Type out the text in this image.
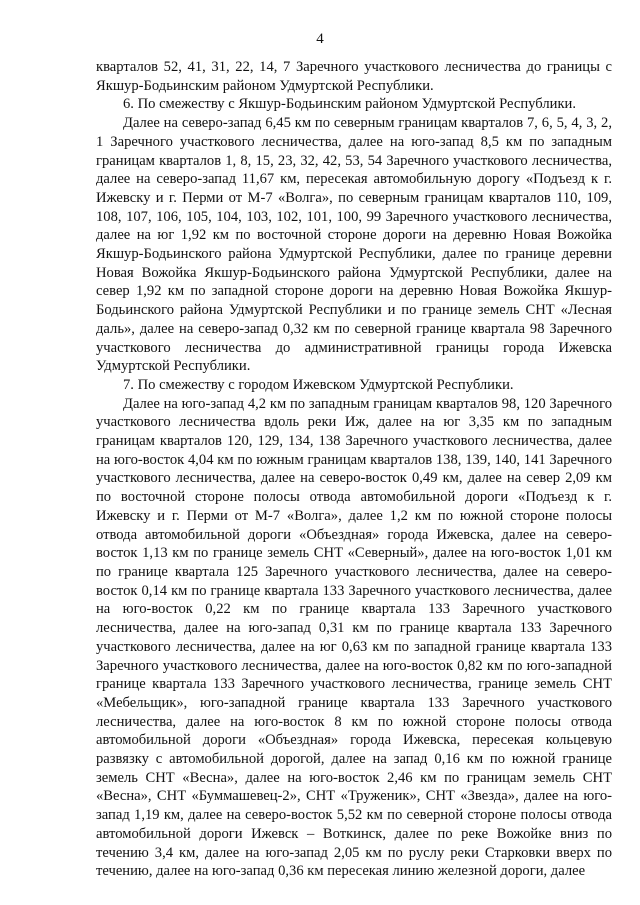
4

кварталов 52, 41, 31, 22, 14, 7 Заречного участкового лесничества до границы с Якшур-Бодьинским районом Удмуртской Республики.

6. По смежеству с Якшур-Бодьинским районом Удмуртской Республики.

Далее на северо-запад 6,45 км по северным границам кварталов 7, 6, 5, 4, 3, 2, 1 Заречного участкового лесничества, далее на юго-запад 8,5 км по западным границам кварталов 1, 8, 15, 23, 32, 42, 53, 54 Заречного участкового лесничества, далее на северо-запад 11,67 км, пересекая автомобильную дорогу «Подъезд к г. Ижевску и г. Перми от М-7 «Волга», по северным границам кварталов 110, 109, 108, 107, 106, 105, 104, 103, 102, 101, 100, 99 Заречного участкового лесничества, далее на юг 1,92 км по восточной стороне дороги на деревню Новая Вожойка Якшур-Бодьинского района Удмуртской Республики, далее по границе деревни Новая Вожойка Якшур-Бодьинского района Удмуртской Республики, далее на север 1,92 км по западной стороне дороги на деревню Новая Вожойка Якшур-Бодьинского района Удмуртской Республики и по границе земель СНТ «Лесная даль», далее на северо-запад 0,32 км по северной границе квартала 98 Заречного участкового лесничества до административной границы города Ижевска Удмуртской Республики.

7. По смежеству с городом Ижевском Удмуртской Республики.

Далее на юго-запад 4,2 км по западным границам кварталов 98, 120 Заречного участкового лесничества вдоль реки Иж, далее на юг 3,35 км по западным границам кварталов 120, 129, 134, 138 Заречного участкового лесничества, далее на юго-восток 4,04 км по южным границам кварталов 138, 139, 140, 141 Заречного участкового лесничества, далее на северо-восток 0,49 км, далее на север 2,09 км по восточной стороне полосы отвода автомобильной дороги «Подъезд к г. Ижевску и г. Перми от М-7 «Волга», далее 1,2 км по южной стороне полосы отвода автомобильной дороги «Объездная» города Ижевска, далее на северо-восток 1,13 км по границе земель СНТ «Северный», далее на юго-восток 1,01 км по границе квартала 125 Заречного участкового лесничества, далее на северо-восток 0,14 км по границе квартала 133 Заречного участкового лесничества, далее на юго-восток 0,22 км по границе квартала 133 Заречного участкового лесничества, далее на юго-запад 0,31 км по границе квартала 133 Заречного участкового лесничества, далее на юг 0,63 км по западной границе квартала 133 Заречного участкового лесничества, далее на юго-восток 0,82 км по юго-западной границе квартала 133 Заречного участкового лесничества, границе земель СНТ «Мебельщик», юго-западной границе квартала 133 Заречного участкового лесничества, далее на юго-восток 8 км по южной стороне полосы отвода автомобильной дороги «Объездная» города Ижевска, пересекая кольцевую развязку с автомобильной дорогой, далее на запад 0,16 км по южной границе земель СНТ «Весна», далее на юго-восток 2,46 км по границам земель СНТ «Весна», СНТ «Буммашевец-2», СНТ «Труженик», СНТ «Звезда», далее на юго-запад 1,19 км, далее на северо-восток 5,52 км по северной стороне полосы отвода автомобильной дороги Ижевск – Воткинск, далее по реке Вожойке вниз по течению 3,4 км, далее на юго-запад 2,05 км по руслу реки Старковки вверх по течению, далее на юго-запад 0,36 км пересекая линию железной дороги, далее
